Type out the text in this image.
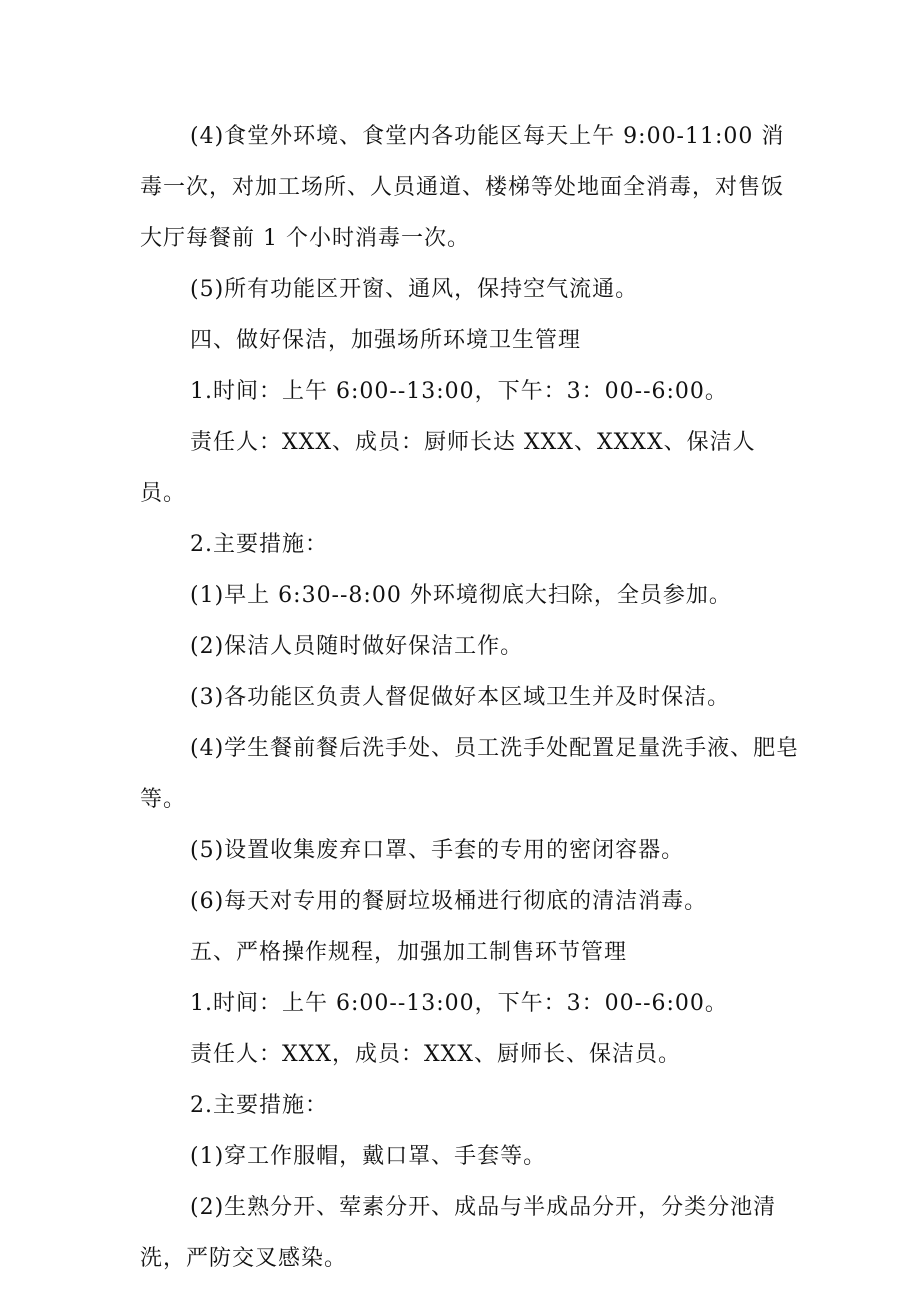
(4)食堂外环境、食堂内各功能区每天上午 9:00-11:00 消毒一次，对加工场所、人员通道、楼梯等处地面全消毒，对售饭大厅每餐前 1 个小时消毒一次。

(5)所有功能区开窗、通风，保持空气流通。

四、做好保洁，加强场所环境卫生管理

1.时间：上午 6:00--13:00，下午：3：00--6:00。

责任人：XXX、成员：厨师长达 XXX、XXXX、保洁人员。

2.主要措施：

(1)早上 6:30--8:00 外环境彻底大扫除，全员参加。

(2)保洁人员随时做好保洁工作。

(3)各功能区负责人督促做好本区域卫生并及时保洁。

(4)学生餐前餐后洗手处、员工洗手处配置足量洗手液、肥皂等。

(5)设置收集废弃口罩、手套的专用的密闭容器。

(6)每天对专用的餐厨垃圾桶进行彻底的清洁消毒。

五、严格操作规程，加强加工制售环节管理

1.时间：上午 6:00--13:00，下午：3：00--6:00。

责任人：XXX，成员：XXX、厨师长、保洁员。

2.主要措施：

(1)穿工作服帽，戴口罩、手套等。

(2)生熟分开、荤素分开、成品与半成品分开，分类分池清洗，严防交叉感染。
